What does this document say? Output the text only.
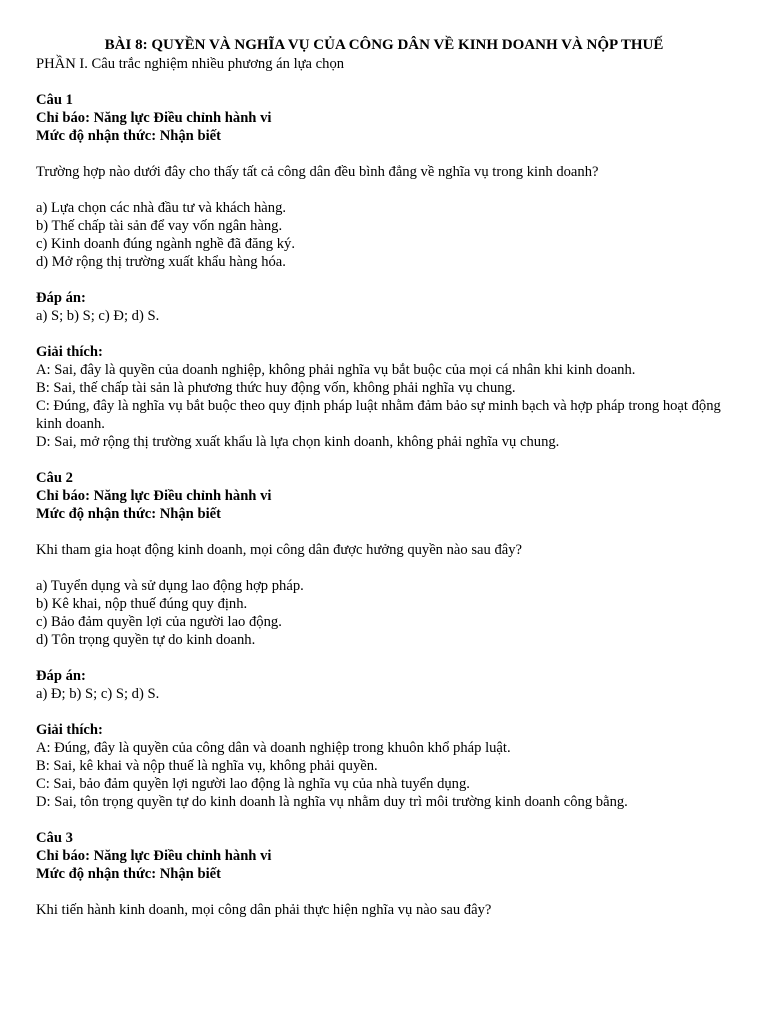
BÀI 8: QUYỀN VÀ NGHĨA VỤ CỦA CÔNG DÂN VỀ KINH DOANH VÀ NỘP THUẾ
PHẦN I. Câu trắc nghiệm nhiều phương án lựa chọn
Câu 1
Chỉ báo: Năng lực Điều chỉnh hành vi
Mức độ nhận thức: Nhận biết
Trường hợp nào dưới đây cho thấy tất cả công dân đều bình đẳng về nghĩa vụ trong kinh doanh?
a) Lựa chọn các nhà đầu tư và khách hàng.
b) Thế chấp tài sản để vay vốn ngân hàng.
c) Kinh doanh đúng ngành nghề đã đăng ký.
d) Mở rộng thị trường xuất khẩu hàng hóa.
Đáp án:
a) S; b) S; c) Đ; d) S.
Giải thích:
A: Sai, đây là quyền của doanh nghiệp, không phải nghĩa vụ bắt buộc của mọi cá nhân khi kinh doanh.
B: Sai, thế chấp tài sản là phương thức huy động vốn, không phải nghĩa vụ chung.
C: Đúng, đây là nghĩa vụ bắt buộc theo quy định pháp luật nhằm đảm bảo sự minh bạch và hợp pháp trong hoạt động kinh doanh.
D: Sai, mở rộng thị trường xuất khẩu là lựa chọn kinh doanh, không phải nghĩa vụ chung.
Câu 2
Chỉ báo: Năng lực Điều chỉnh hành vi
Mức độ nhận thức: Nhận biết
Khi tham gia hoạt động kinh doanh, mọi công dân được hưởng quyền nào sau đây?
a) Tuyển dụng và sử dụng lao động hợp pháp.
b) Kê khai, nộp thuế đúng quy định.
c) Bảo đảm quyền lợi của người lao động.
d) Tôn trọng quyền tự do kinh doanh.
Đáp án:
a) Đ; b) S; c) S; d) S.
Giải thích:
A: Đúng, đây là quyền của công dân và doanh nghiệp trong khuôn khổ pháp luật.
B: Sai, kê khai và nộp thuế là nghĩa vụ, không phải quyền.
C: Sai, bảo đảm quyền lợi người lao động là nghĩa vụ của nhà tuyển dụng.
D: Sai, tôn trọng quyền tự do kinh doanh là nghĩa vụ nhằm duy trì môi trường kinh doanh công bằng.
Câu 3
Chỉ báo: Năng lực Điều chỉnh hành vi
Mức độ nhận thức: Nhận biết
Khi tiến hành kinh doanh, mọi công dân phải thực hiện nghĩa vụ nào sau đây?
